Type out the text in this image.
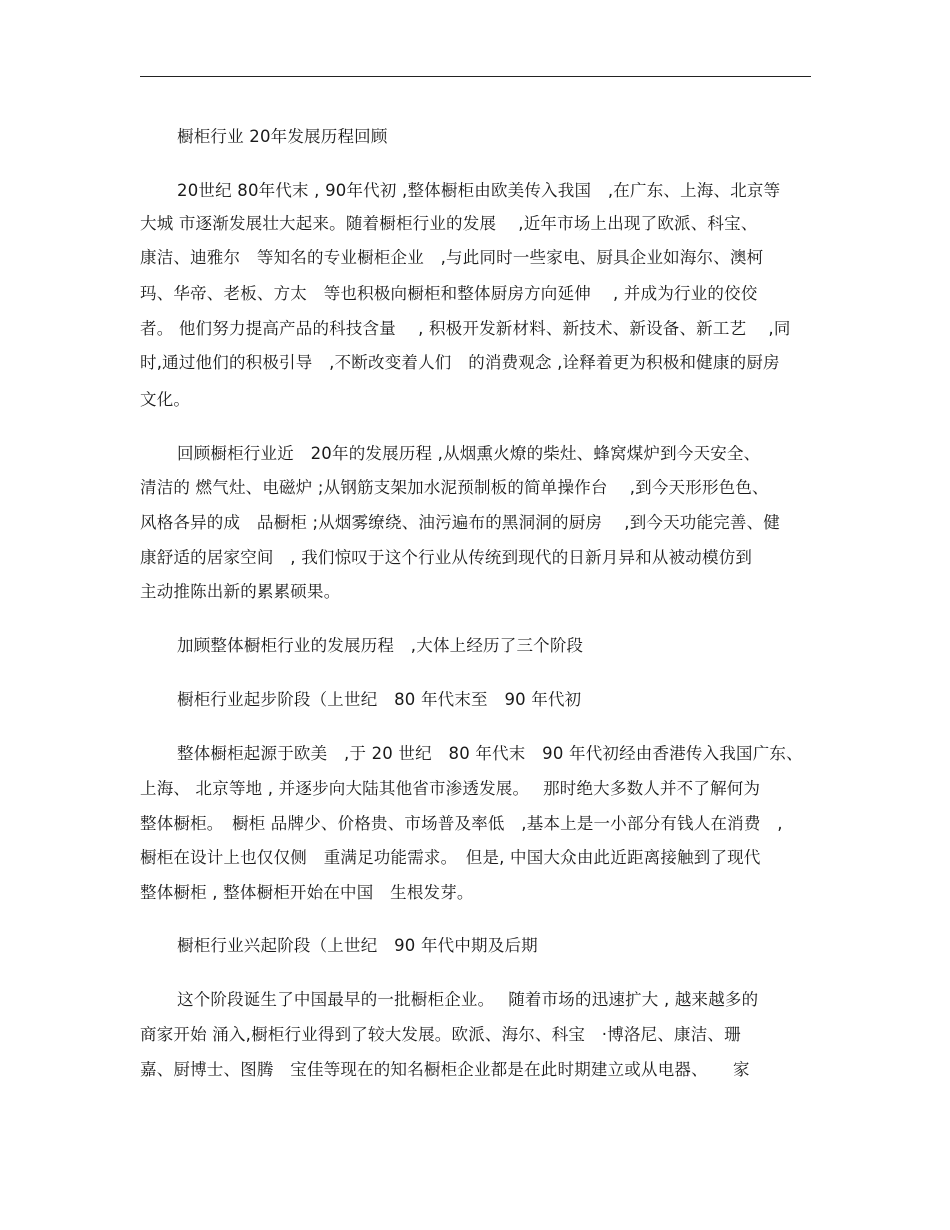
橱柜行业 20年发展历程回顾
20世纪 80年代末 , 90年代初 ,整体橱柜由欧美传入我国　,在广东、上海、北京等
大城 市逐渐发展壮大起来。随着橱柜行业的发展　 ,近年市场上出现了欧派、科宝、
康洁、迪雅尔　等知名的专业橱柜企业　,与此同时一些家电、厨具企业如海尔、澳柯
玛、华帝、老板、方太　等也积极向橱柜和整体厨房方向延伸　 , 并成为行业的佼佼
者。 他们努力提高产品的科技含量　 , 积极开发新材料、新技术、新设备、新工艺　 ,同
时,通过他们的积极引导　,不断改变着人们　的消费观念 ,诠释着更为积极和健康的厨房
文化。
回顾橱柜行业近　20年的发展历程 ,从烟熏火燎的柴灶、蜂窝煤炉到今天安全、
清洁的 燃气灶、电磁炉 ;从钢筋支架加水泥预制板的简单操作台　 ,到今天形形色色、
风格各异的成　品橱柜 ;从烟雾缭绕、油污遍布的黑洞洞的厨房　 ,到今天功能完善、健
康舒适的居家空间　, 我们惊叹于这个行业从传统到现代的日新月异和从被动模仿到
主动推陈出新的累累硕果。
加顾整体橱柜行业的发展历程　,大体上经历了三个阶段
橱柜行业起步阶段（上世纪　80 年代末至　90 年代初
整体橱柜起源于欧美　,于 20 世纪　80 年代末　90 年代初经由香港传入我国广东、
上海、 北京等地 , 并逐步向大陆其他省市渗透发展。　 那时绝大多数人并不了解何为
整体橱柜。　橱柜 品牌少、价格贵、市场普及率低　,基本上是一小部分有钱人在消费　,
橱柜在设计上也仅仅侧　重满足功能需求。　但是, 中国大众由此近距离接触到了现代
整体橱柜 , 整体橱柜开始在中国　生根发芽。
橱柜行业兴起阶段（上世纪　90 年代中期及后期
这个阶段诞生了中国最早的一批橱柜企业。　 随着市场的迅速扩大 , 越来越多的
商家开始 涌入,橱柜行业得到了较大发展。欧派、海尔、科宝　·博洛尼、康洁、珊
嘉、厨博士、图腾　宝佳等现在的知名橱柜企业都是在此时期建立或从电器、　　家
